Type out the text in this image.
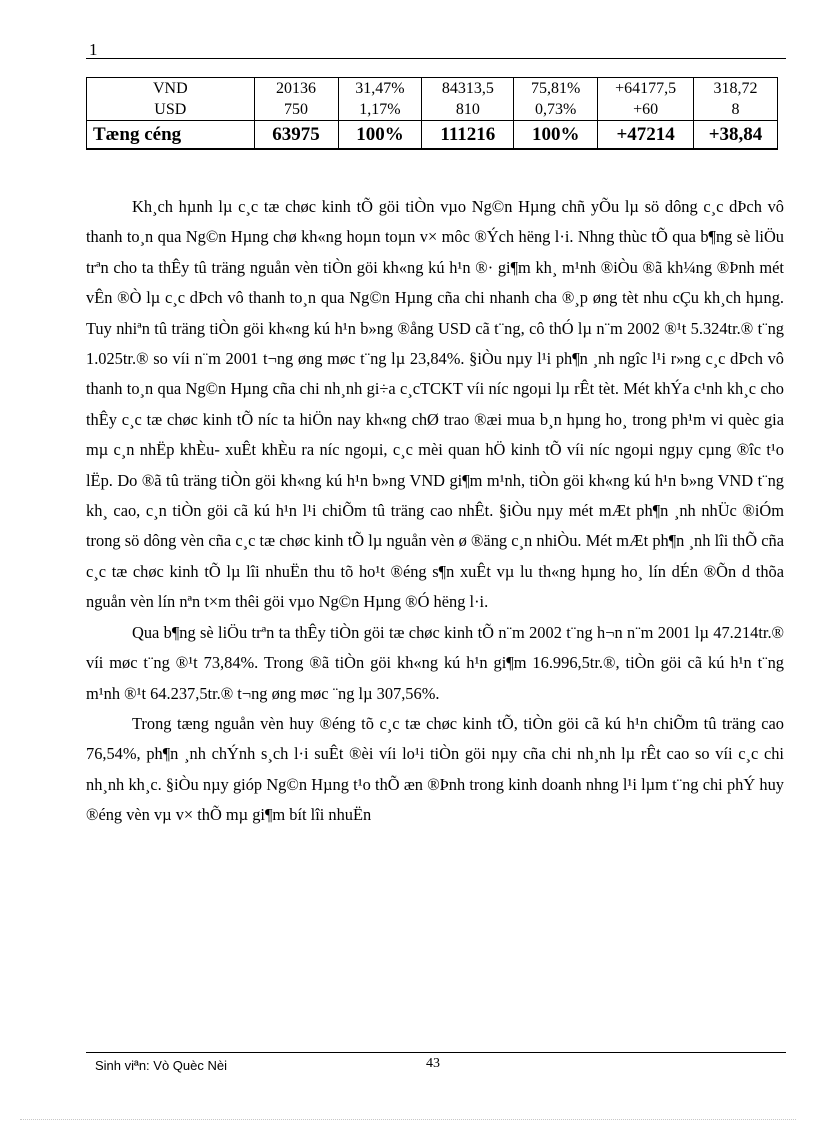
1
VND	20136	31,47%	84313,5	75,81%	+64177,5	318,72
USD	750	1,17%	810	0,73%	+60	8
Tæng céng	63975	100%	111216	100%	+47214	+38,84

Kh¸ch hµnh lµ c¸c tæ chøc kinh tÕ göi tiÒn vµo Ng©n Hµng chñ yÕu lµ sö dông c¸c dÞch vô thanh to¸n qua Ng©n Hµng chø kh«ng hoµn toµn v× môc ®Ých hëng l·i. Nhng thùc tÕ qua b¶ng sè liÖu trªn cho ta thÊy tû träng nguån vèn tiÒn göi kh«ng kú h¹n ®· gi¶m kh¸ m¹nh ®iÒu ®ã kh¼ng ®Þnh mét vÊn ®Ò lµ c¸c dÞch vô thanh to¸n qua Ng©n Hµng cña chi nhanh cha ®¸p øng tèt nhu cÇu kh¸ch hµng. Tuy nhiªn tû träng tiÒn göi kh«ng kú h¹n b»ng ®ång USD cã t¨ng, cô thÓ lµ n¨m 2002 ®¹t 5.324tr.® t¨ng 1.025tr.® so víi n¨m 2001 t¬ng øng møc t¨ng lµ 23,84%. §iÒu nµy l¹i ph¶n ¸nh ngîc l¹i r»ng c¸c dÞch vô thanh to¸n qua Ng©n Hµng cña chi nh¸nh gi÷a c¸cTCKT víi níc ngoµi lµ rÊt tèt. Mét khÝa c¹nh kh¸c cho thÊy c¸c tæ chøc kinh tÕ níc ta hiÖn nay kh«ng chØ trao ®æi mua b¸n hµng ho¸ trong ph¹m vi quèc gia mµ c¸n nhËp khÈu- xuÊt khÈu ra níc ngoµi, c¸c mèi quan hÖ kinh tÕ víi níc ngoµi ngµy cµng ®îc t¹o lËp. Do ®ã tû träng tiÒn göi kh«ng kú h¹n b»ng VND gi¶m m¹nh, tiÒn göi kh«ng kú h¹n b»ng VND t¨ng kh¸ cao, c¸n tiÒn göi cã kú h¹n l¹i chiÕm tû träng cao nhÊt. §iÒu nµy mét mÆt ph¶n ¸nh nhÜc ®iÓm trong sö dông vèn cña c¸c tæ chøc kinh tÕ lµ nguån vèn ø ®äng c¸n nhiÒu. Mét mÆt ph¶n ¸nh lîi thÕ cña c¸c tæ chøc kinh tÕ lµ lîi nhuËn thu tõ ho¹t ®éng s¶n xuÊt vµ lu th«ng hµng ho¸ lín dÉn ®Õn d thõa nguån vèn lín nªn t×m thêi göi vµo Ng©n Hµng ®Ó hëng l·i.

Qua b¶ng sè liÖu trªn ta thÊy tiÒn göi tæ chøc kinh tÕ n¨m 2002 t¨ng h¬n n¨m 2001 lµ 47.214tr.® víi møc t¨ng ®¹t 73,84%. Trong ®ã tiÒn göi kh«ng kú h¹n gi¶m 16.996,5tr.®, tiÒn göi cã kú h¹n t¨ng m¹nh ®¹t 64.237,5tr.® t¬ng øng møc ¨ng lµ 307,56%.

Trong tæng nguån vèn huy ®éng tõ c¸c tæ chøc kinh tÕ, tiÒn göi cã kú h¹n chiÕm tû träng cao 76,54%, ph¶n ¸nh chÝnh s¸ch l·i suÊt ®èi víi lo¹i tiÒn göi nµy cña chi nh¸nh lµ rÊt cao so víi c¸c chi nh¸nh kh¸c. §iÒu nµy gióp Ng©n Hµng t¹o thÕ æn ®Þnh trong kinh doanh nhng l¹i lµm t¨ng chi phÝ huy ®éng vèn vµ v× thÕ mµ gi¶m bít lîi nhuËn

Sinh viªn: Vò Quèc Nèi	43
